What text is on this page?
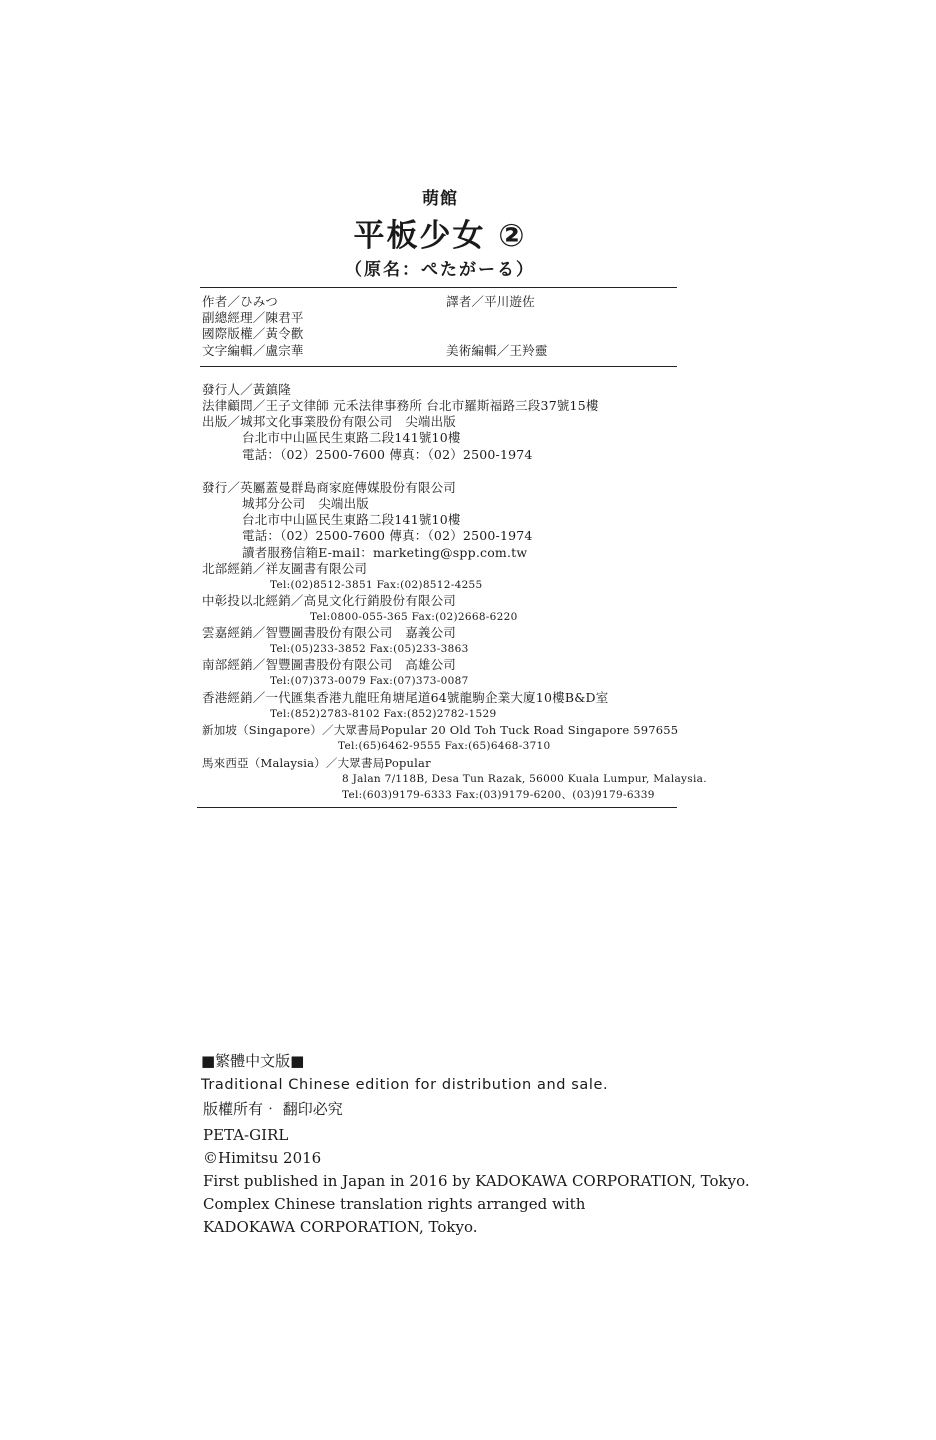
萌館
平板少女 ②
（原名：ぺたがーる）
作者／ひみつ	譯者／平川遊佐
副總經理／陳君平
國際版權／黃令歡
文字編輯／盧宗華	美術編輯／王羚靈
發行人／黃鎮隆
法律顧問／王子文律師 元禾法律事務所 台北市羅斯福路三段37號15樓
出版／城邦文化事業股份有限公司　尖端出版
台北市中山區民生東路二段141號10樓
電話：（02）2500-7600 傳真：（02）2500-1974
發行／英屬蓋曼群島商家庭傳媒股份有限公司
城邦分公司　尖端出版
台北市中山區民生東路二段141號10樓
電話：（02）2500-7600 傳真：（02）2500-1974
讀者服務信箱E-mail：marketing@spp.com.tw
北部經銷／祥友圖書有限公司
Tel:(02)8512-3851 Fax:(02)8512-4255
中彰投以北經銷／高見文化行銷股份有限公司
Tel:0800-055-365 Fax:(02)2668-6220
雲嘉經銷／智豐圖書股份有限公司　嘉義公司
Tel:(05)233-3852 Fax:(05)233-3863
南部經銷／智豐圖書股份有限公司　高雄公司
Tel:(07)373-0079 Fax:(07)373-0087
香港經銷／一代匯集香港九龍旺角塘尾道64號龍駒企業大廈10樓B&D室
Tel:(852)2783-8102 Fax:(852)2782-1529
新加坡（Singapore）／大眾書局Popular 20 Old Toh Tuck Road Singapore 597655
Tel:(65)6462-9555 Fax:(65)6468-3710
馬來西亞（Malaysia）／大眾書局Popular
8 Jalan 7/118B, Desa Tun Razak, 56000 Kuala Lumpur, Malaysia.
Tel:(603)9179-6333 Fax:(03)9179-6200、(03)9179-6339
■繁體中文版■
Traditional Chinese edition for distribution and sale.
版權所有‧ 翻印必究
PETA-GIRL
©Himitsu 2016
First published in Japan in 2016 by KADOKAWA CORPORATION, Tokyo.
Complex Chinese translation rights arranged with
KADOKAWA CORPORATION, Tokyo.
